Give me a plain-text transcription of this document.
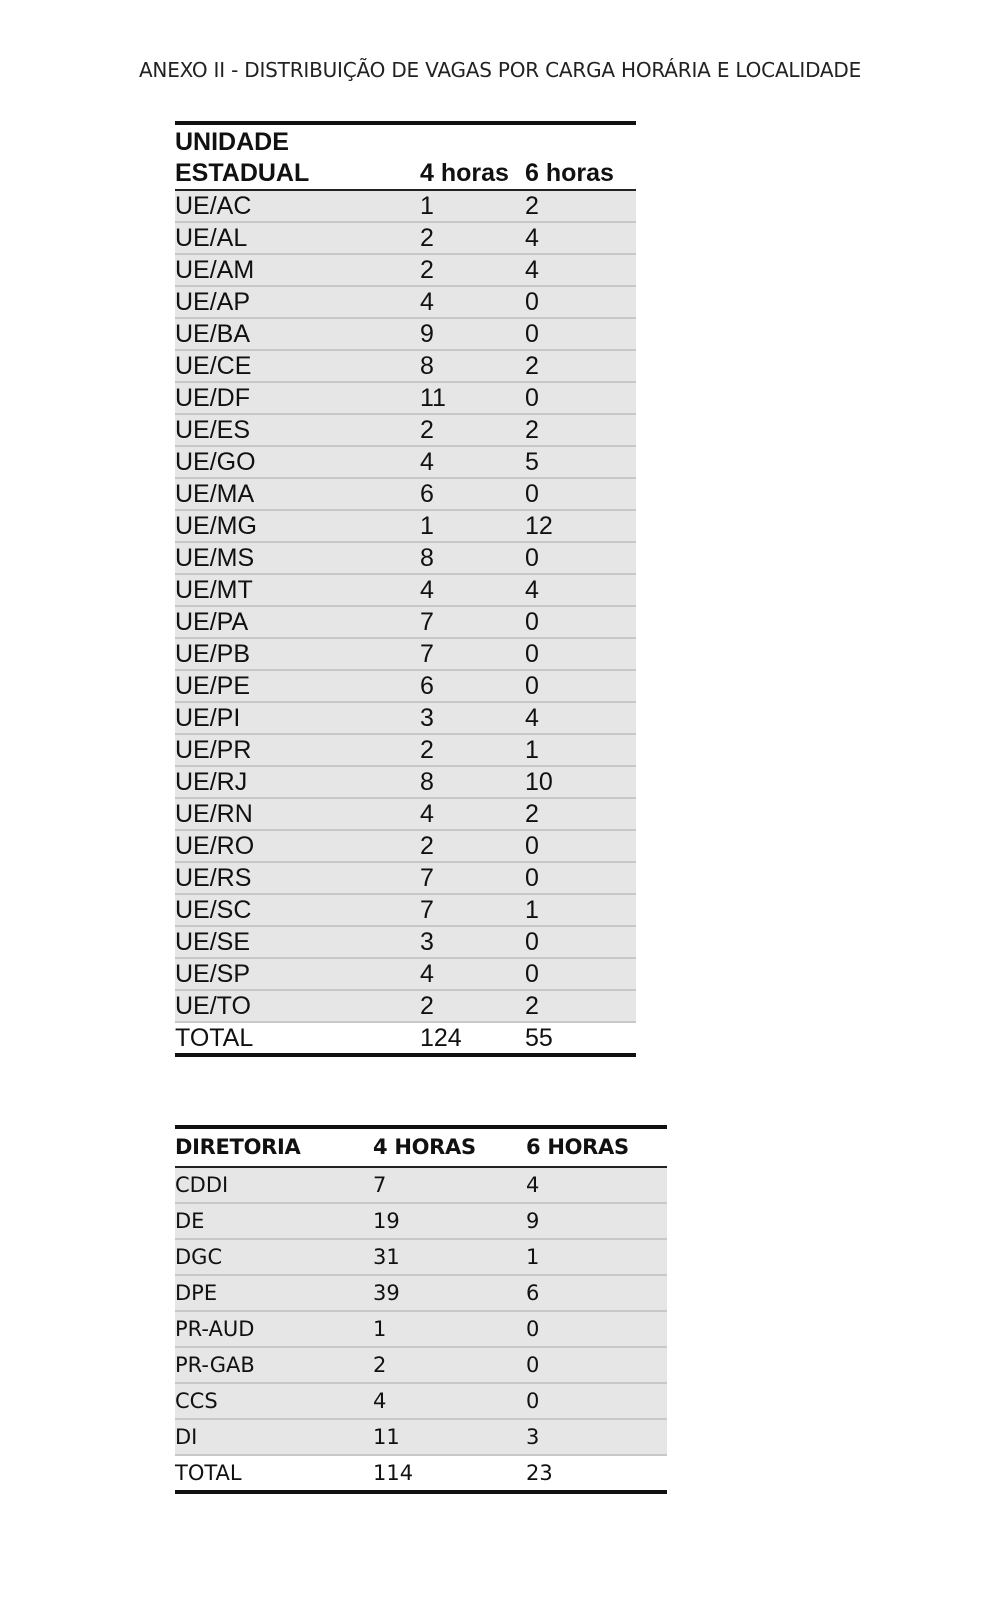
ANEXO II - DISTRIBUIÇÃO DE VAGAS POR CARGA HORÁRIA E LOCALIDADE
UNIDADE
ESTADUAL	4 horas	6 horas
UE/AC	1	2
UE/AL	2	4
UE/AM	2	4
UE/AP	4	0
UE/BA	9	0
UE/CE	8	2
UE/DF	11	0
UE/ES	2	2
UE/GO	4	5
UE/MA	6	0
UE/MG	1	12
UE/MS	8	0
UE/MT	4	4
UE/PA	7	0
UE/PB	7	0
UE/PE	6	0
UE/PI	3	4
UE/PR	2	1
UE/RJ	8	10
UE/RN	4	2
UE/RO	2	0
UE/RS	7	0
UE/SC	7	1
UE/SE	3	0
UE/SP	4	0
UE/TO	2	2
TOTAL	124	55
DIRETORIA	4 HORAS	6 HORAS
CDDI	7	4
DE	19	9
DGC	31	1
DPE	39	6
PR-AUD	1	0
PR-GAB	2	0
CCS	4	0
DI	11	3
TOTAL	114	23
